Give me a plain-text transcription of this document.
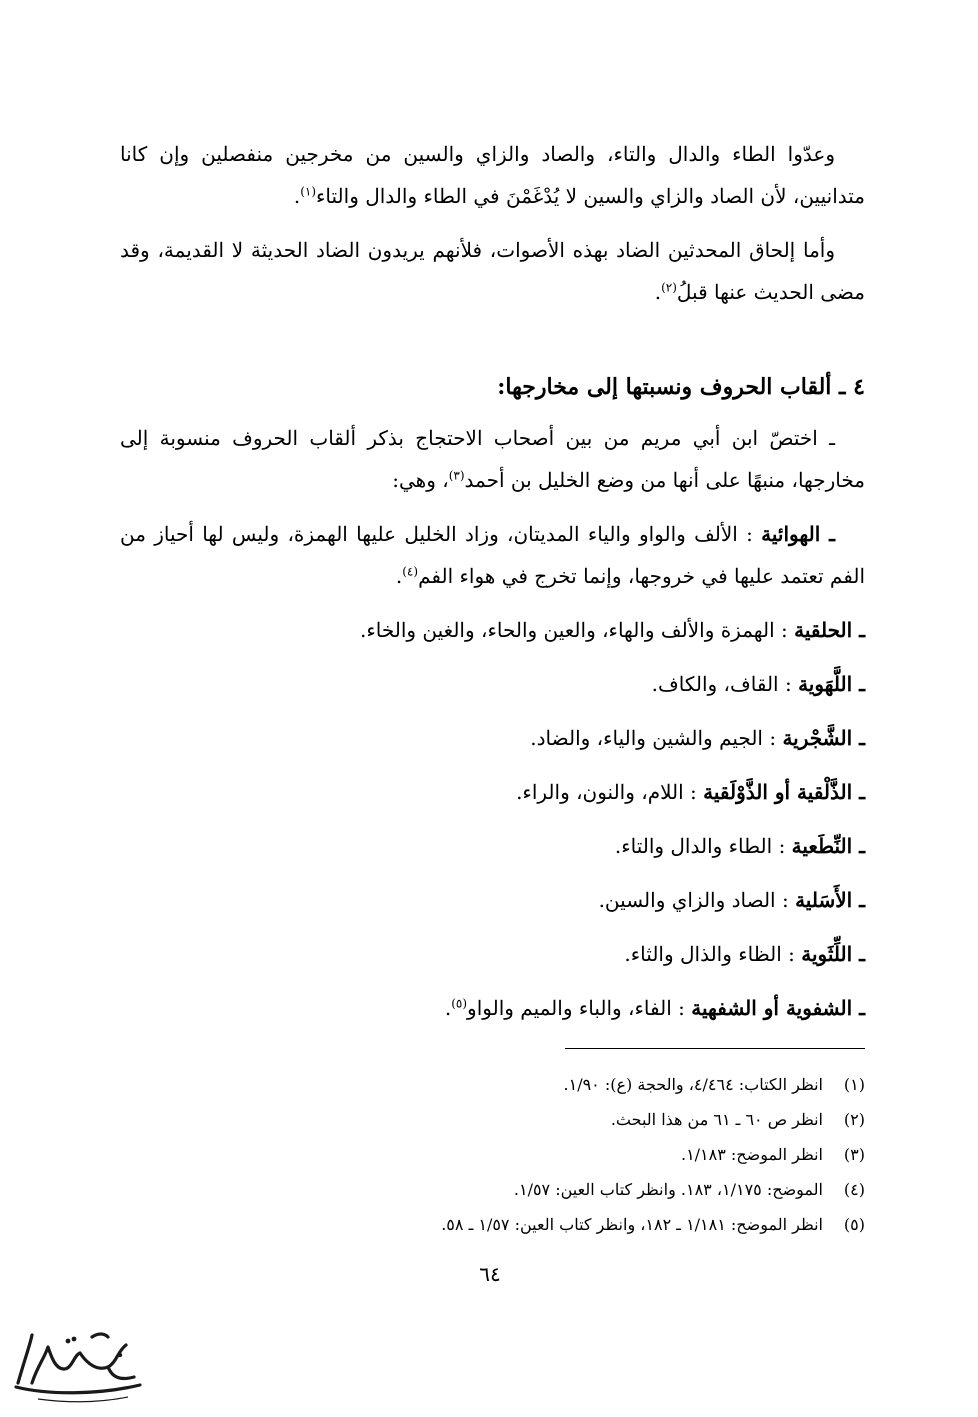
وعدّوا الطاء والدال والتاء، والصاد والزاي والسين من مخرجين منفصلين وإن كانا متدانيين، لأن الصاد والزاي والسين لا يُدْغَمْنَ في الطاء والدال والتاء$^{(١)}$.

وأما إلحاق المحدثين الضاد بهذه الأصوات، فلأنهم يريدون الضاد الحديثة لا القديمة، وقد مضى الحديث عنها قبلُ$^{(٢)}$.

٤ ـ ألقاب الحروف ونسبتها إلى مخارجها:

ـ اختصّ ابن أبي مريم من بين أصحاب الاحتجاج بذكر ألقاب الحروف منسوبة إلى مخارجها، منبهًا على أنها من وضع الخليل بن أحمد$^{(٣)}$، وهي:

ـ الهوائية : الألف والواو والياء المديتان، وزاد الخليل عليها الهمزة، وليس لها أحياز من الفم تعتمد عليها في خروجها، وإنما تخرج في هواء الفم$^{(٤)}$.

ـ الحلقية : الهمزة والألف والهاء، والعين والحاء، والغين والخاء.

ـ اللَّهَوية : القاف، والكاف.

ـ الشَّجْرية : الجيم والشين والياء، والضاد.

ـ الذَّلْقية أو الذَّوْلَقية : اللام، والنون، والراء.

ـ النِّطَعية : الطاء والدال والتاء.

ـ الأَسَلية : الصاد والزاي والسين.

ـ اللِّثَوية : الظاء والذال والثاء.

ـ الشفوية أو الشفهية : الفاء، والباء والميم والواو$^{(٥)}$.

(١)
انظر الكتاب: ٤/٤٦٤، والحجة (ع): ١/٩٠.
(٢)
انظر ص ٦٠ ـ ٦١ من هذا البحث.
(٣)
انظر الموضح: ١/١٨٣.
(٤)
الموضح: ١/١٧٥، ١٨٣. وانظر كتاب العين: ١/٥٧.
(٥)
انظر الموضح: ١/١٨١ ـ ١٨٢، وانظر كتاب العين: ١/٥٧ ـ ٥٨.
٦٤
